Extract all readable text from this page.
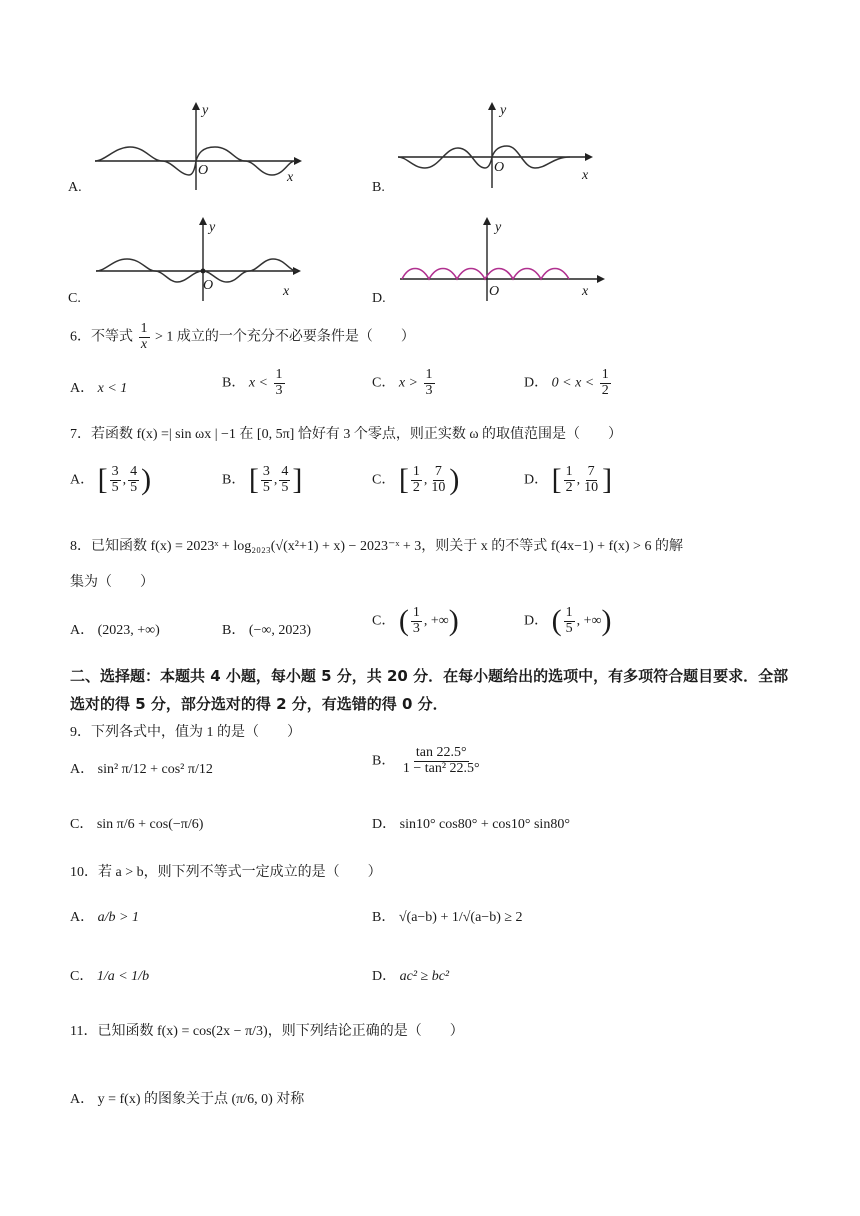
A.
y
O	x
B.
y
O
x
C.
y
O	x	D.
y
O	x
6．不等式 $\frac{1}{x} > 1$ 成立的一个充分不必要条件是（　　）
A． x < 1	B． $x < \frac{1}{3}$	C． $x > \frac{1}{3}$	D． $0 < x < \frac{1}{2}$
7．若函数 f(x) =| sin ωx | −1 在 [0, 5π] 恰好有 3 个零点，则正实数 ω 的取值范围是（　　）
A． [ $\frac{3}{5}$ , $\frac{4}{5}$ )	B． [ $\frac{3}{5}$ , $\frac{4}{5}$ ]	C． [ $\frac{1}{2}$ , $\frac{7}{10}$ )	D． [ $\frac{1}{2}$ , $\frac{7}{10}$ ]
8．已知函数 f(x) = 2023ˣ + log₂₀₂₃(√(x²+1) + x) − 2023⁻ˣ + 3，则关于 x 的不等式 f(4x−1) + f(x) > 6 的解
集为（　　）
A． (2023, +∞)	B． (−∞, 2023)
C． ( $\frac{1}{3}$ , +∞)	D． ( $\frac{1}{5}$ , +∞)
二、选择题：本题共 4 小题，每小题 5 分，共 20 分．在每小题给出的选项中，有多项符合题目要求．全部选对的得 5 分，部分选对的得 2 分，有选错的得 0 分．
9．下列各式中，值为 1 的是（　　）
A． sin² π/12 + cos² π/12
B． $\frac{\tan 22.5^\circ}{\text{1 − tan² 22.5°}}$
C． sin π/6 + cos(−π/6)	D． sin10° cos80° + cos10° sin80°
10．若 a > b，则下列不等式一定成立的是（　　）
A． a/b > 1	B． √(a−b) + 1/√(a−b) ≥ 2
C． 1/a < 1/b	D． ac² ≥ bc²
11．已知函数 f(x) = cos(2x − π/3)，则下列结论正确的是（　　）
A． y = f(x) 的图象关于点 (π/6, 0) 对称
